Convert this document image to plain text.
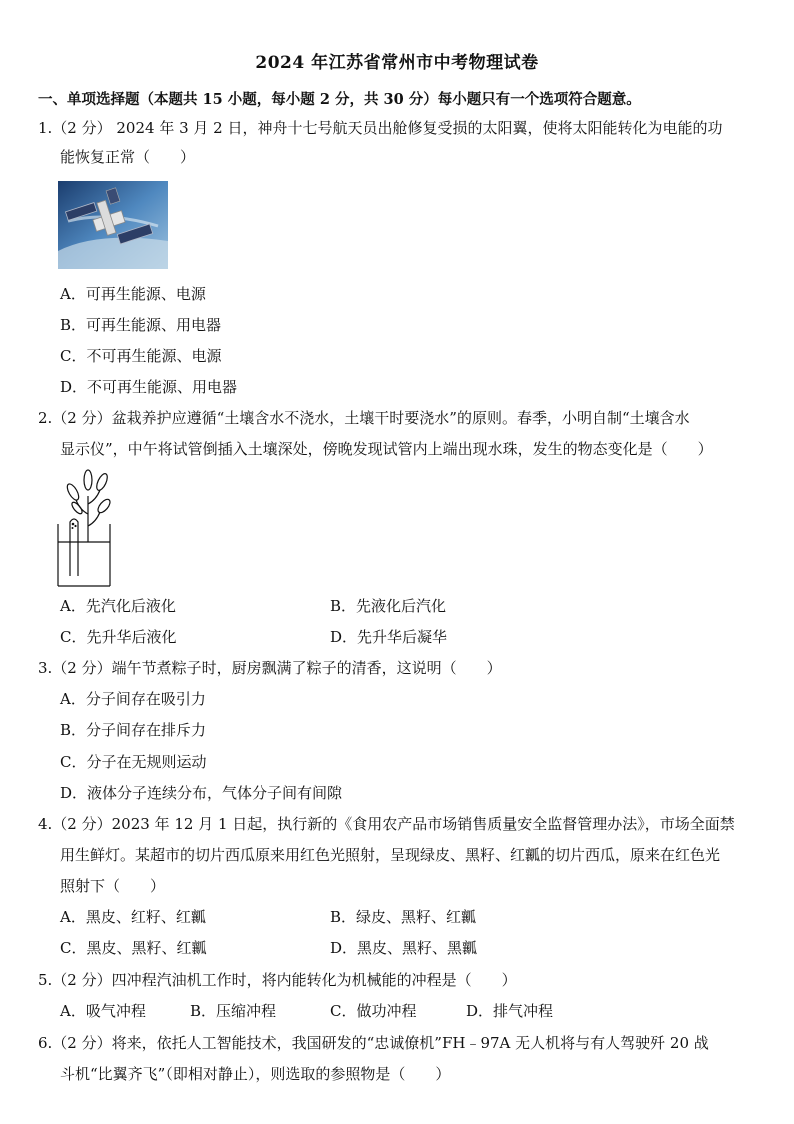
2024 年江苏省常州市中考物理试卷
一、单项选择题（本题共 15 小题，每小题 2 分，共 30 分）每小题只有一个选项符合题意。
1.（2 分） 2024 年 3 月 2 日，神舟十七号航天员出舱修复受损的太阳翼，使将太阳能转化为电能的功
能恢复正常（　　）
A．可再生能源、电源
B．可再生能源、用电器
C．不可再生能源、电源
D．不可再生能源、用电器
2.（2 分）盆栽养护应遵循“土壤含水不浇水，土壤干时要浇水”的原则。春季，小明自制“土壤含水
显示仪”，中午将试管倒插入土壤深处，傍晚发现试管内上端出现水珠，发生的物态变化是（　　）
A．先汽化后液化	B．先液化后汽化
C．先升华后液化	D．先升华后凝华
3.（2 分）端午节煮粽子时，厨房飘满了粽子的清香，这说明（　　）
A．分子间存在吸引力
B．分子间存在排斥力
C．分子在无规则运动
D．液体分子连续分布，气体分子间有间隙
4.（2 分）2023 年 12 月 1 日起，执行新的《食用农产品市场销售质量安全监督管理办法》，市场全面禁
用生鲜灯。某超市的切片西瓜原来用红色光照射，呈现绿皮、黑籽、红瓤的切片西瓜，原来在红色光
照射下（　　）
A．黑皮、红籽、红瓤	B．绿皮、黑籽、红瓤
C．黑皮、黑籽、红瓤	D．黑皮、黑籽、黑瓤
5.（2 分）四冲程汽油机工作时，将内能转化为机械能的冲程是（　　）
A．吸气冲程	B．压缩冲程	C．做功冲程	D．排气冲程
6.（2 分）将来，依托人工智能技术，我国研发的“忠诚僚机”FH﹣97A 无人机将与有人驾驶歼 20 战
斗机“比翼齐飞”（即相对静止），则选取的参照物是（　　）
